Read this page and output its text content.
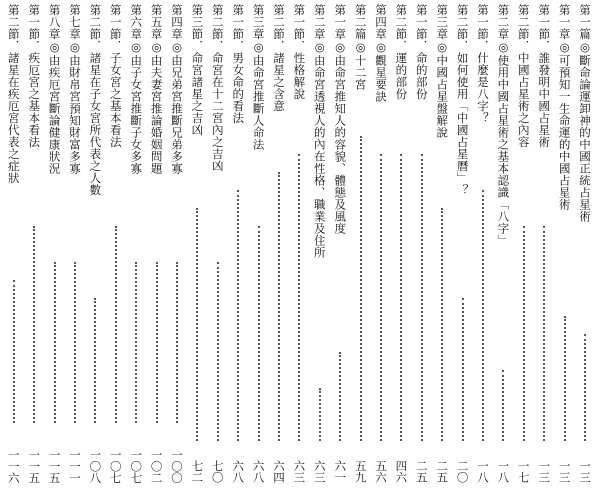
第一篇◎斷命論運卸神的中國正統占星術
一三
第一章◎可預知一生命運的中國占星術
一三
第一節．誰發明中國占星術
一三
第二節．中國占星術之內容
一七
第二章◎使用中國占星術之基本認識「八字」
一八
第一節．什麼是八字？
一八
第二節．如何使用「中國占星曆」？
二〇
第三章◎中國占星盤解說
二五
第一節．命的部份
二五
第二節．運的部份
四六
第四章◎觀星要訣
五六
第二篇◎十二宮
五九
第一章◎由命宮推知人的容貌、體態及風度
六一
第二章◎由命宮透視人的內在性格、職業及住所
六三
第一節．性格解說
六三
第二節．諸星之含意
六四
第三章◎由命宮推斷人命法
六八
第一節．男女命的看法
六八
第二節．命宮在十二宮內之吉凶
七〇
第三節．命宮諸星之吉凶
七二
第四章◎由兄弟宮推斷兄弟多寡
一〇〇
第五章◎由夫妻宮推論婚姻問題
一〇二
第六章◎由子女宮推斷子女多寡
一〇七
第一節．子女宮之基本看法
一〇七
第二節．諸星在子女宮所代表之人數
一〇八
第七章◎由財帛宮預知財富多寡
一一一
第八章◎由疾厄宮斷論健康狀況
一一五
第一節．疾厄宮之基本看法
一一五
第二節．諸星在疾厄宮代表之症狀
一一六
